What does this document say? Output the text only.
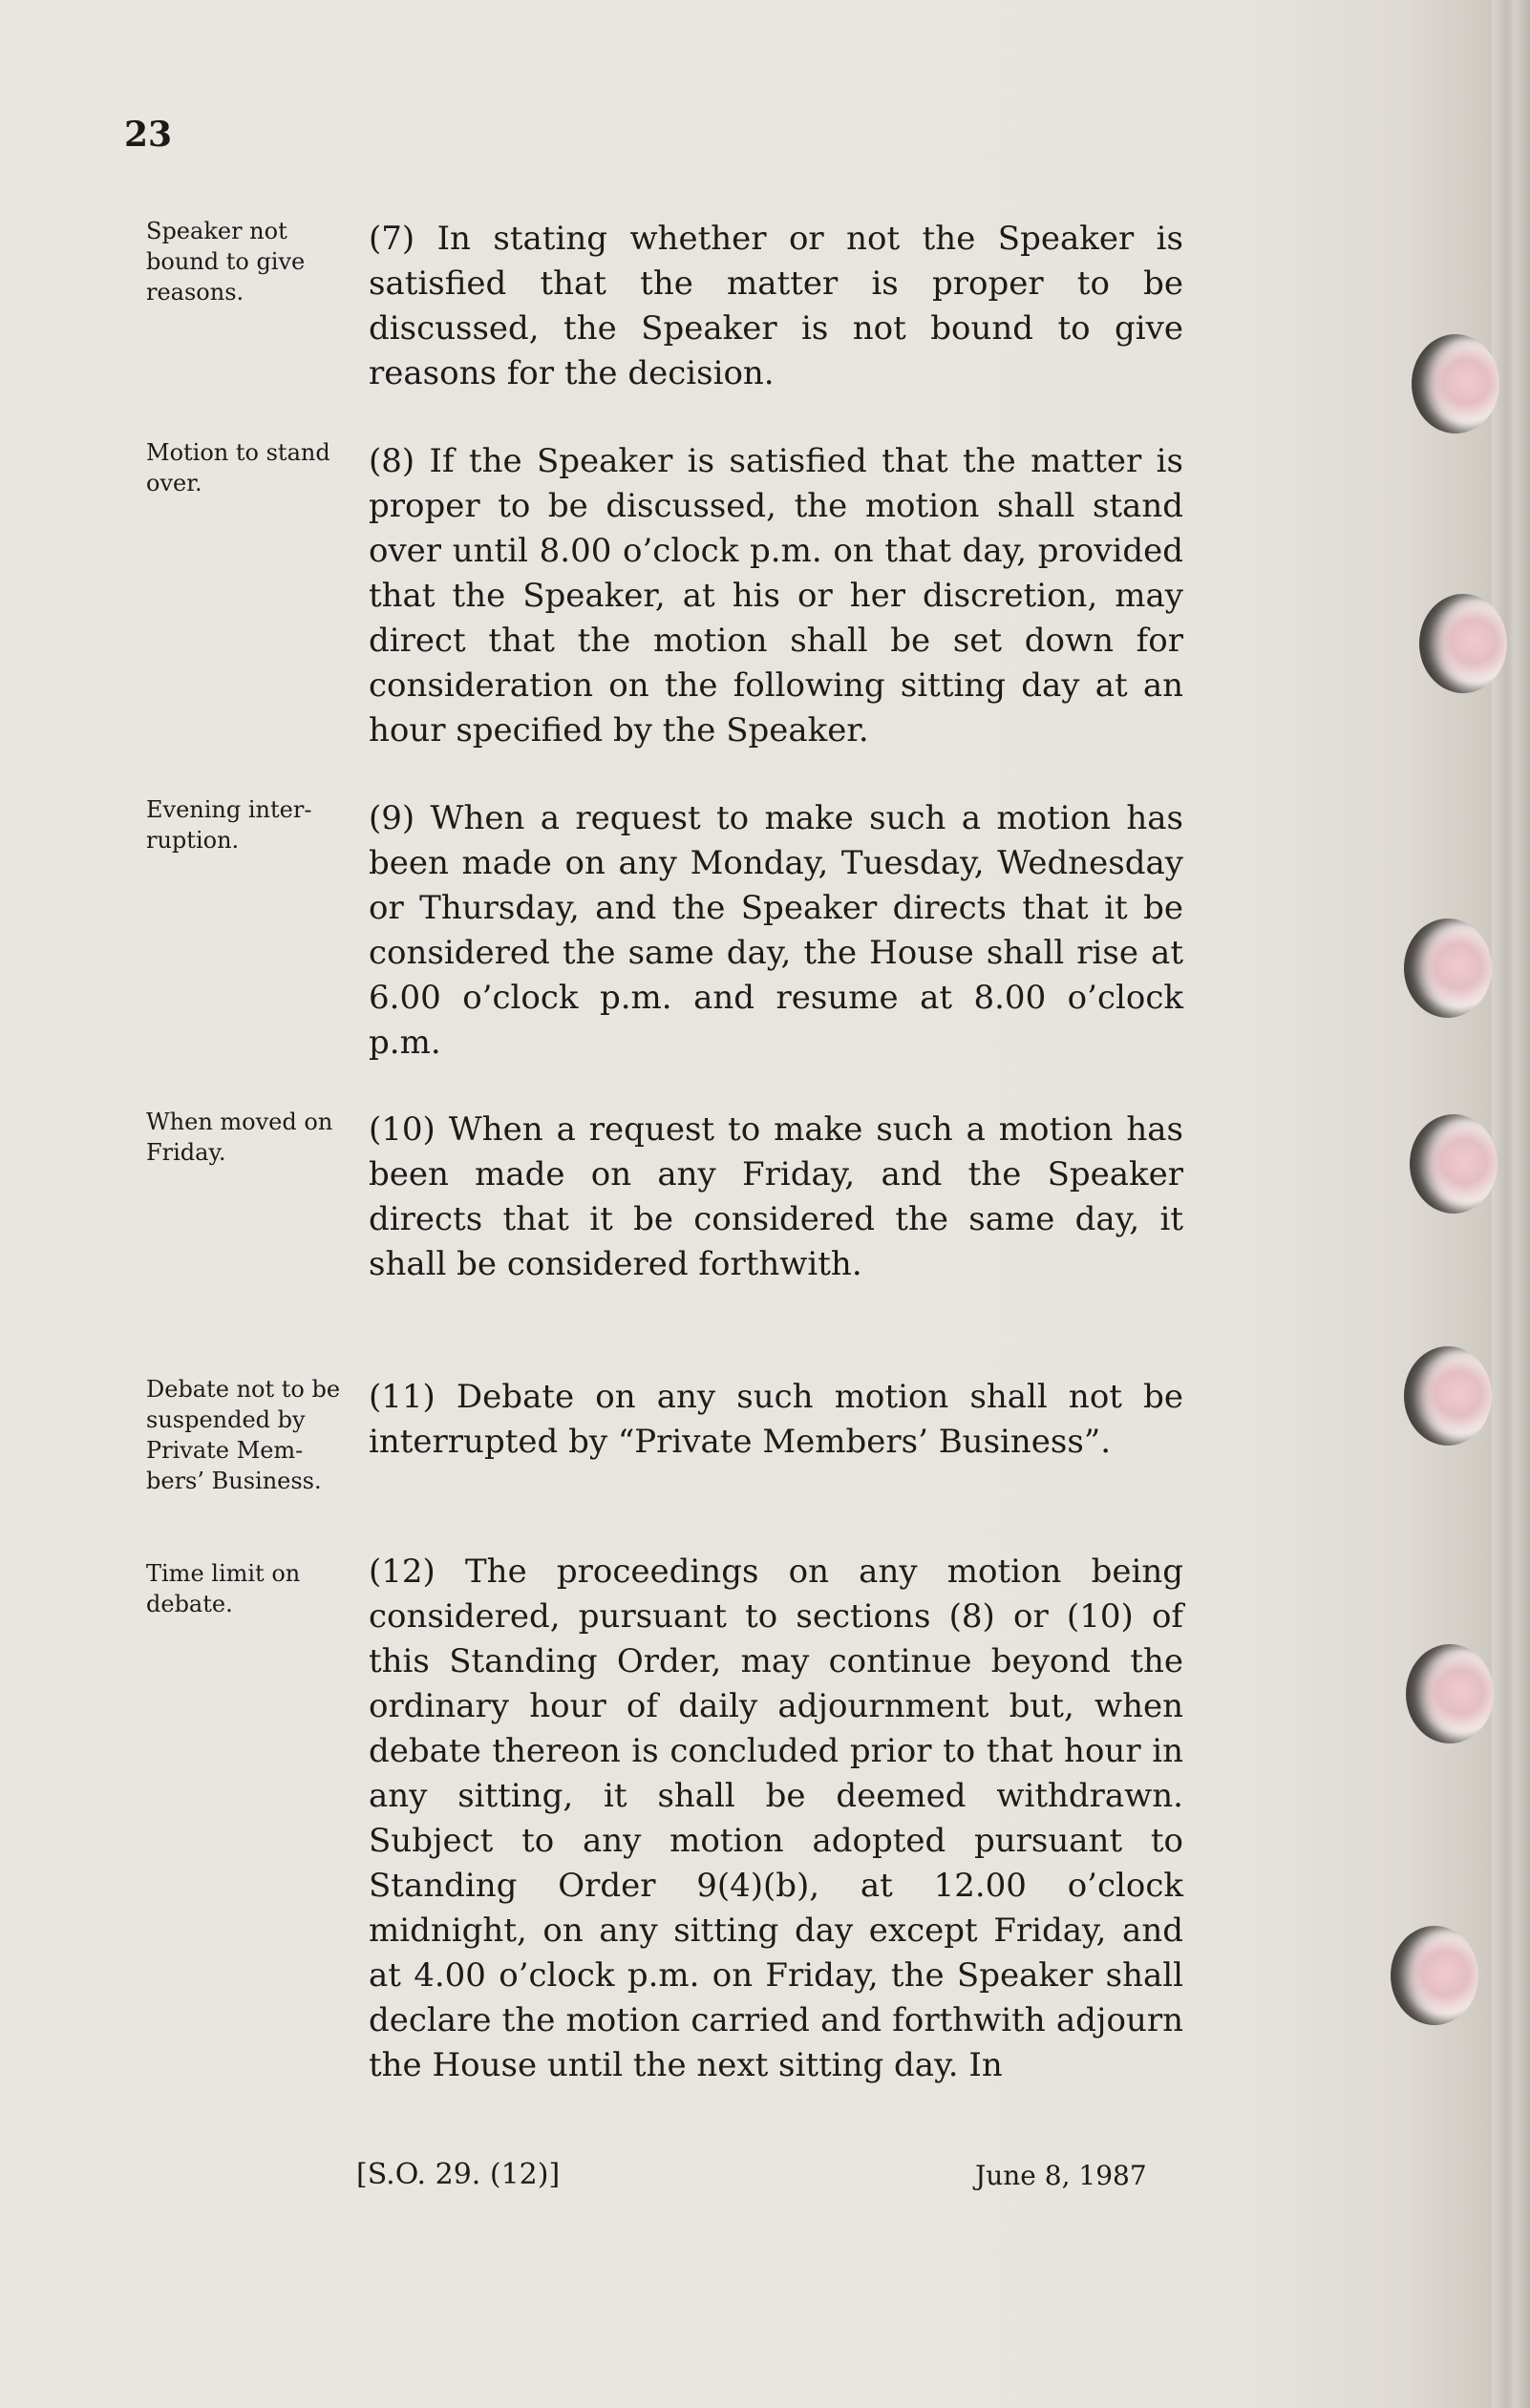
23
Speaker not bound to give reasons.
(7) In stating whether or not the Speaker is satisfied that the matter is proper to be discussed, the Speaker is not bound to give reasons for the decision.
Motion to stand over.
(8) If the Speaker is satisfied that the matter is proper to be discussed, the motion shall stand over until 8.00 o’clock p.m. on that day, provided that the Speaker, at his or her discretion, may direct that the motion shall be set down for consideration on the following sitting day at an hour specified by the Speaker.
Evening inter- ruption.
(9) When a request to make such a motion has been made on any Monday, Tuesday, Wednesday or Thursday, and the Speaker directs that it be considered the same day, the House shall rise at 6.00 o’clock p.m. and resume at 8.00 o’clock p.m.
When moved on Friday.
(10) When a request to make such a motion has been made on any Friday, and the Speaker directs that it be considered the same day, it shall be considered forthwith.
Debate not to be suspended by Private Mem- bers’ Business.
(11) Debate on any such motion shall not be interrupted by “Private Members’ Business”.
Time limit on debate.
(12) The proceedings on any motion being considered, pursuant to sections (8) or (10) of this Standing Order, may continue beyond the ordinary hour of daily adjournment but, when debate thereon is concluded prior to that hour in any sitting, it shall be deemed withdrawn. Subject to any motion adopted pursuant to Standing Order 9(4)(b), at 12.00 o’clock midnight, on any sitting day except Friday, and at 4.00 o’clock p.m. on Friday, the Speaker shall declare the motion carried and forthwith adjourn the House until the next sitting day. In
[S.O. 29. (12)]	June 8, 1987
